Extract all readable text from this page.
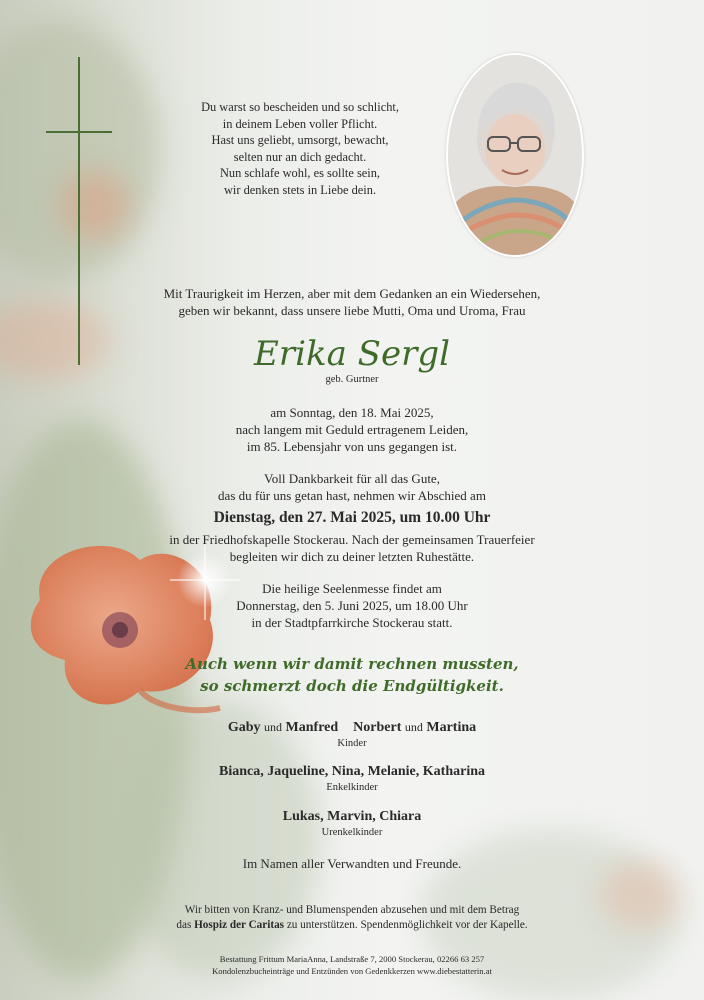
Du warst so bescheiden und so schlicht,
in deinem Leben voller Pflicht.
Hast uns geliebt, umsorgt, bewacht,
selten nur an dich gedacht.
Nun schlafe wohl, es sollte sein,
wir denken stets in Liebe dein.
Mit Traurigkeit im Herzen, aber mit dem Gedanken an ein Wiedersehen,
geben wir bekannt, dass unsere liebe Mutti, Oma und Uroma, Frau
Erika Sergl
geb. Gurtner
am Sonntag, den 18. Mai 2025,
nach langem mit Geduld ertragenem Leiden,
im 85. Lebensjahr von uns gegangen ist.
Voll Dankbarkeit für all das Gute,
das du für uns getan hast, nehmen wir Abschied am
Dienstag, den 27. Mai 2025, um 10.00 Uhr
in der Friedhofskapelle Stockerau. Nach der gemeinsamen Trauerfeier
begleiten wir dich zu deiner letzten Ruhestätte.
Die heilige Seelenmesse findet am
Donnerstag, den 5. Juni 2025, um 18.00 Uhr
in der Stadtpfarrkirche Stockerau statt.
Auch wenn wir damit rechnen mussten,
so schmerzt doch die Endgültigkeit.
Gaby und Manfred Norbert und Martina
Kinder
Bianca, Jaqueline, Nina, Melanie, Katharina
Enkelkinder
Lukas, Marvin, Chiara
Urenkelkinder
Im Namen aller Verwandten und Freunde.
Wir bitten von Kranz- und Blumenspenden abzusehen und mit dem Betrag
das Hospiz der Caritas zu unterstützen. Spendenmöglichkeit vor der Kapelle.
Bestattung Frittum MariaAnna, Landstraße 7, 2000 Stockerau, 02266 63 257
Kondolenzbucheinträge und Entzünden von Gedenkkerzen www.diebestatterin.at
